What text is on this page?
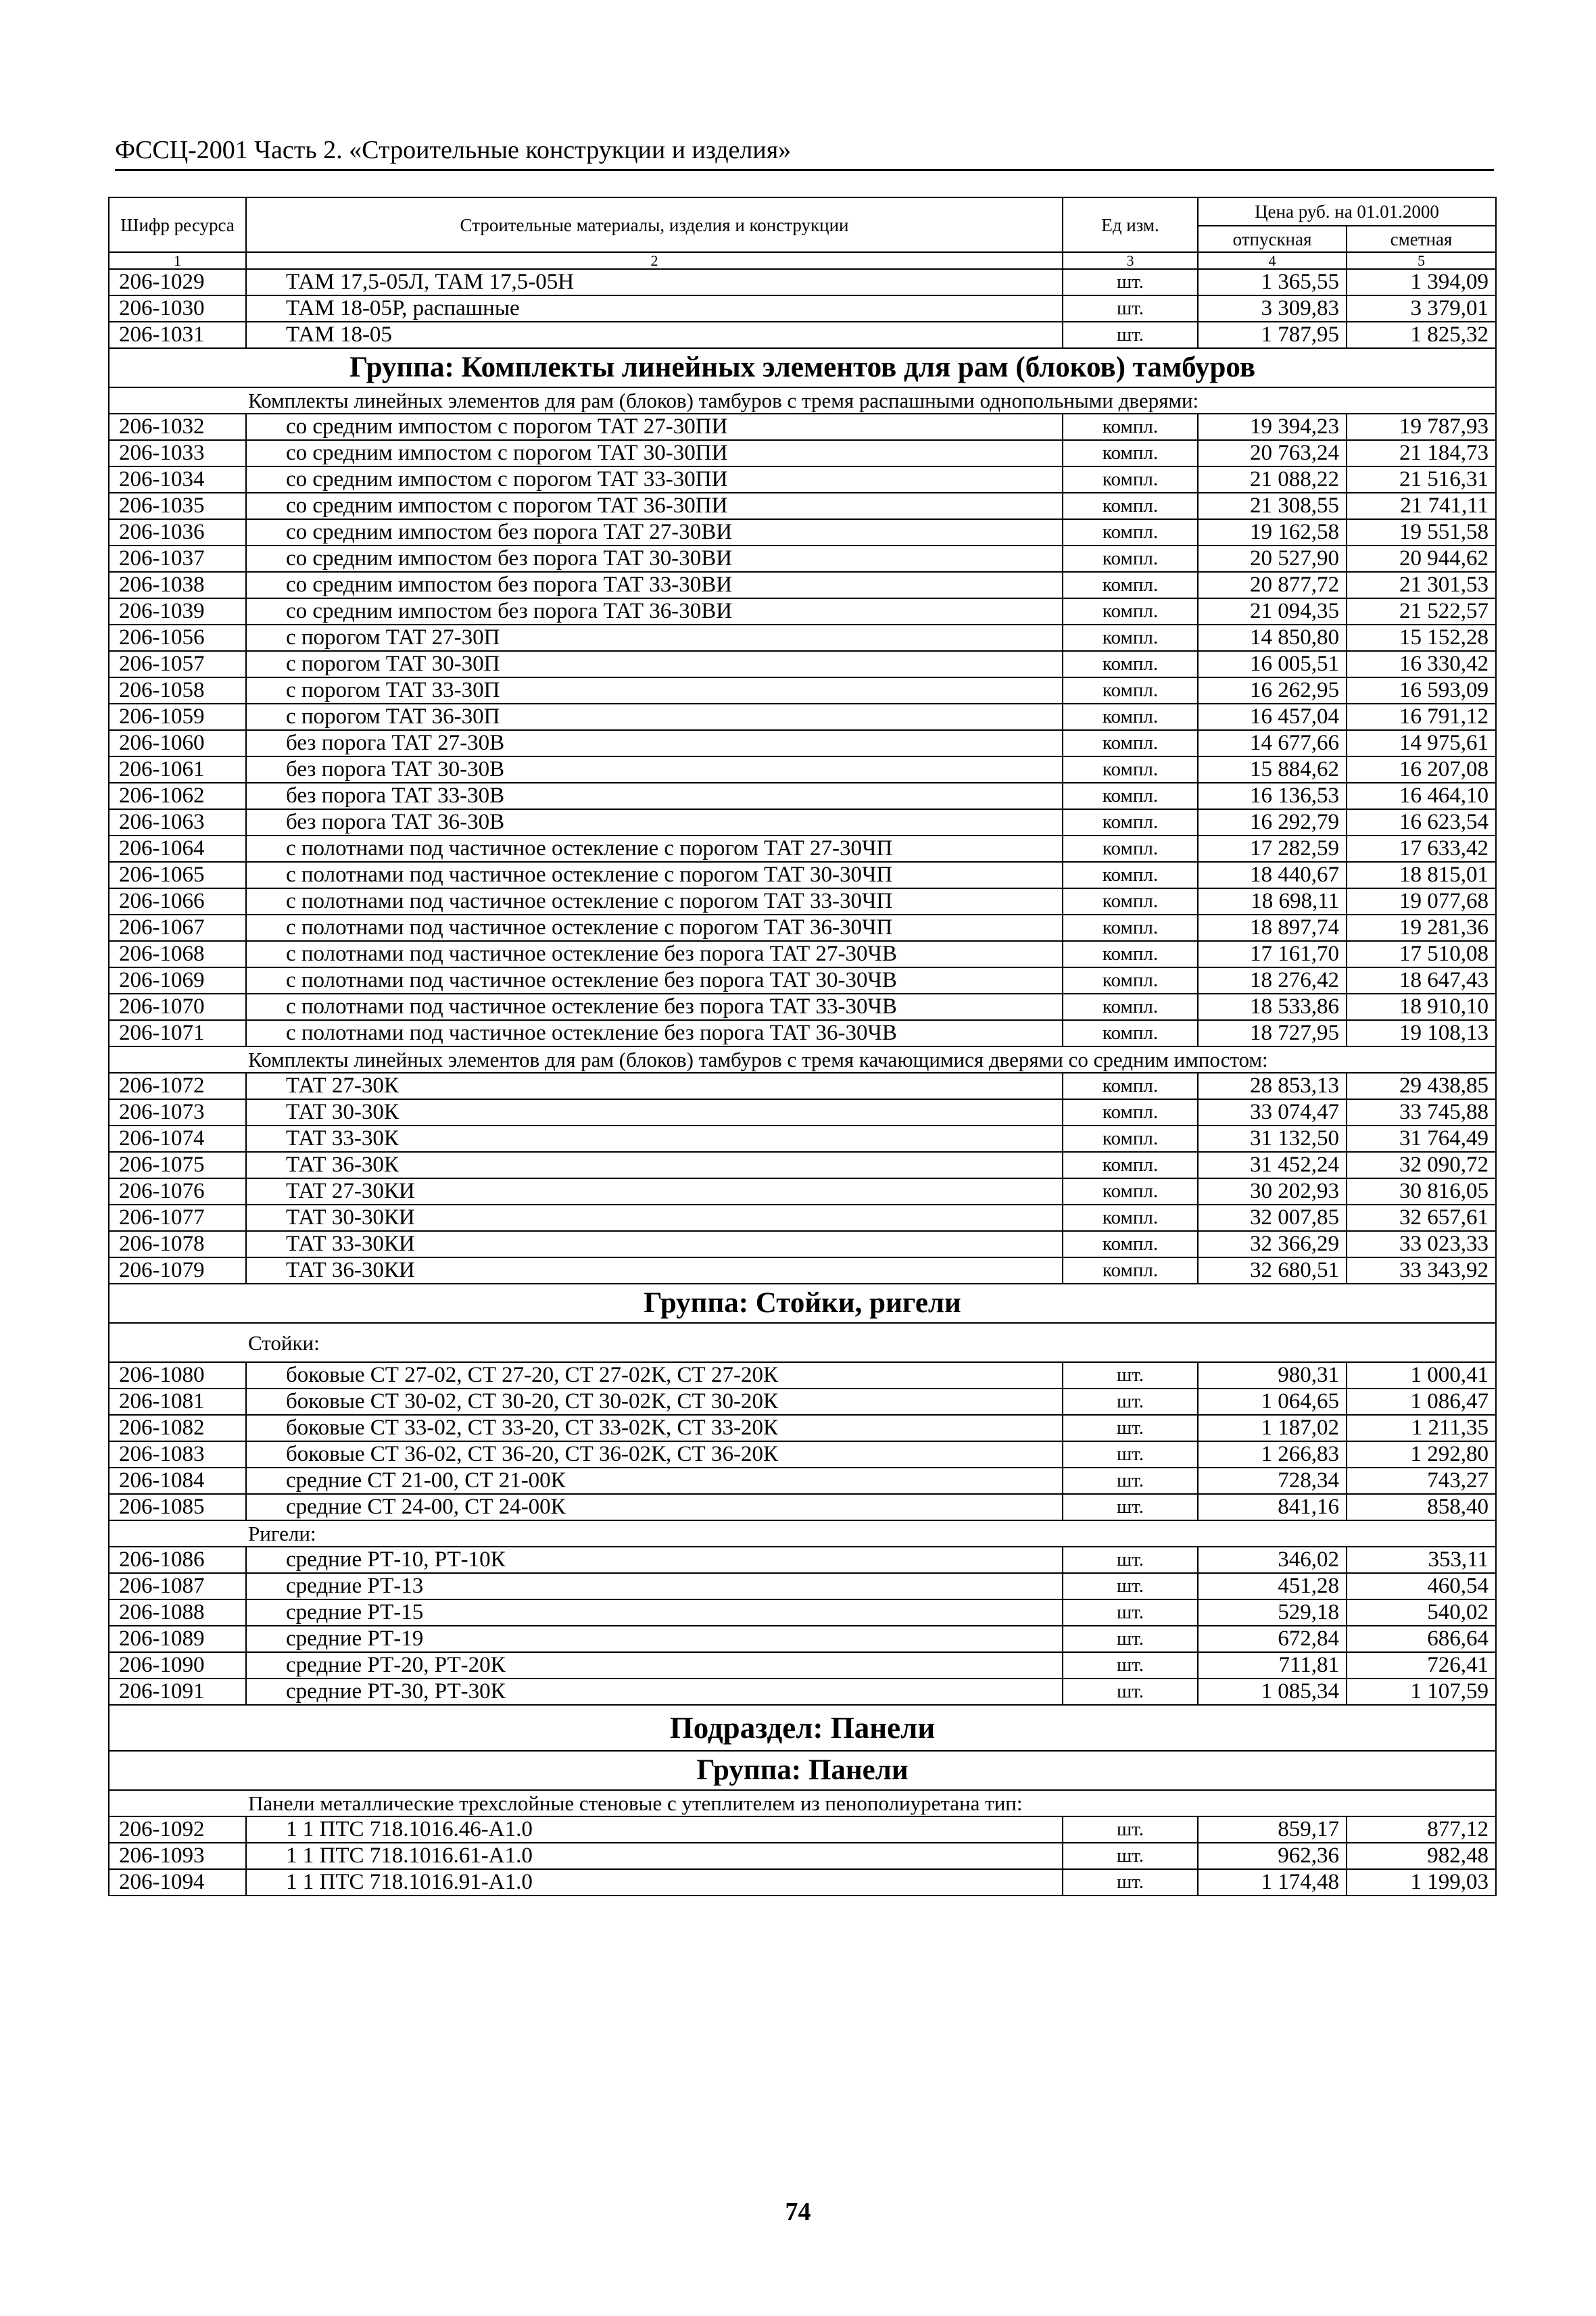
ФССЦ-2001 Часть 2. «Строительные конструкции и изделия»
Шифр ресурса	Строительные материалы, изделия и конструкции	Ед изм.	Цена руб. на 01.01.2000	
			отпускная	сметная
1	2	3	4	5
206-1029	ТАМ 17,5-05Л, ТАМ 17,5-05Н	шт.	1 365,55	1 394,09
206-1030	ТАМ 18-05Р, распашные	шт.	3 309,83	3 379,01
206-1031	ТАМ 18-05	шт.	1 787,95	1 825,32
Группа: Комплекты линейных элементов для рам (блоков) тамбуров				
Комплекты линейных элементов для рам (блоков) тамбуров с тремя распашными однопольными дверями:				
206-1032	со средним импостом с порогом ТАТ 27-30ПИ	компл.	19 394,23	19 787,93
206-1033	со средним импостом с порогом ТАТ 30-30ПИ	компл.	20 763,24	21 184,73
206-1034	со средним импостом с порогом ТАТ 33-30ПИ	компл.	21 088,22	21 516,31
206-1035	со средним импостом с порогом ТАТ 36-30ПИ	компл.	21 308,55	21 741,11
206-1036	со средним импостом без порога ТАТ 27-30ВИ	компл.	19 162,58	19 551,58
206-1037	со средним импостом без порога ТАТ 30-30ВИ	компл.	20 527,90	20 944,62
206-1038	со средним импостом без порога ТАТ 33-30ВИ	компл.	20 877,72	21 301,53
206-1039	со средним импостом без порога ТАТ 36-30ВИ	компл.	21 094,35	21 522,57
206-1056	с порогом ТАТ 27-30П	компл.	14 850,80	15 152,28
206-1057	с порогом ТАТ 30-30П	компл.	16 005,51	16 330,42
206-1058	с порогом ТАТ 33-30П	компл.	16 262,95	16 593,09
206-1059	с порогом ТАТ 36-30П	компл.	16 457,04	16 791,12
206-1060	без порога ТАТ 27-30В	компл.	14 677,66	14 975,61
206-1061	без порога ТАТ 30-30В	компл.	15 884,62	16 207,08
206-1062	без порога ТАТ 33-30В	компл.	16 136,53	16 464,10
206-1063	без порога ТАТ 36-30В	компл.	16 292,79	16 623,54
206-1064	с полотнами под частичное остекление с порогом ТАТ 27-30ЧП	компл.	17 282,59	17 633,42
206-1065	с полотнами под частичное остекление с порогом ТАТ 30-30ЧП	компл.	18 440,67	18 815,01
206-1066	с полотнами под частичное остекление с порогом ТАТ 33-30ЧП	компл.	18 698,11	19 077,68
206-1067	с полотнами под частичное остекление с порогом ТАТ 36-30ЧП	компл.	18 897,74	19 281,36
206-1068	с полотнами под частичное остекление без порога ТАТ 27-30ЧВ	компл.	17 161,70	17 510,08
206-1069	с полотнами под частичное остекление без порога ТАТ 30-30ЧВ	компл.	18 276,42	18 647,43
206-1070	с полотнами под частичное остекление без порога ТАТ 33-30ЧВ	компл.	18 533,86	18 910,10
206-1071	с полотнами под частичное остекление без порога ТАТ 36-30ЧВ	компл.	18 727,95	19 108,13
Комплекты линейных элементов для рам (блоков) тамбуров с тремя качающимися дверями со средним импостом:				
206-1072	ТАТ 27-30К	компл.	28 853,13	29 438,85
206-1073	ТАТ 30-30К	компл.	33 074,47	33 745,88
206-1074	ТАТ 33-30К	компл.	31 132,50	31 764,49
206-1075	ТАТ 36-30К	компл.	31 452,24	32 090,72
206-1076	ТАТ 27-30КИ	компл.	30 202,93	30 816,05
206-1077	ТАТ 30-30КИ	компл.	32 007,85	32 657,61
206-1078	ТАТ 33-30КИ	компл.	32 366,29	33 023,33
206-1079	ТАТ 36-30КИ	компл.	32 680,51	33 343,92
Группа: Стойки, ригели				
Стойки:				
206-1080	боковые СТ 27-02, СТ 27-20, СТ 27-02К, СТ 27-20К	шт.	980,31	1 000,41
206-1081	боковые СТ 30-02, СТ 30-20, СТ 30-02К, СТ 30-20К	шт.	1 064,65	1 086,47
206-1082	боковые СТ 33-02, СТ 33-20, СТ 33-02К, СТ 33-20К	шт.	1 187,02	1 211,35
206-1083	боковые СТ 36-02, СТ 36-20, СТ 36-02К, СТ 36-20К	шт.	1 266,83	1 292,80
206-1084	средние СТ 21-00, СТ 21-00К	шт.	728,34	743,27
206-1085	средние СТ 24-00, СТ 24-00К	шт.	841,16	858,40
Ригели:				
206-1086	средние РТ-10, РТ-10К	шт.	346,02	353,11
206-1087	средние РТ-13	шт.	451,28	460,54
206-1088	средние РТ-15	шт.	529,18	540,02
206-1089	средние РТ-19	шт.	672,84	686,64
206-1090	средние РТ-20, РТ-20К	шт.	711,81	726,41
206-1091	средние РТ-30, РТ-30К	шт.	1 085,34	1 107,59
Подраздел: Панели				
Группа: Панели				
Панели металлические трехслойные стеновые с утеплителем из пенополиуретана тип:				
206-1092	1 1 ПТС 718.1016.46-А1.0	шт.	859,17	877,12
206-1093	1 1 ПТС 718.1016.61-А1.0	шт.	962,36	982,48
206-1094	1 1 ПТС 718.1016.91-А1.0	шт.	1 174,48	1 199,03
74
